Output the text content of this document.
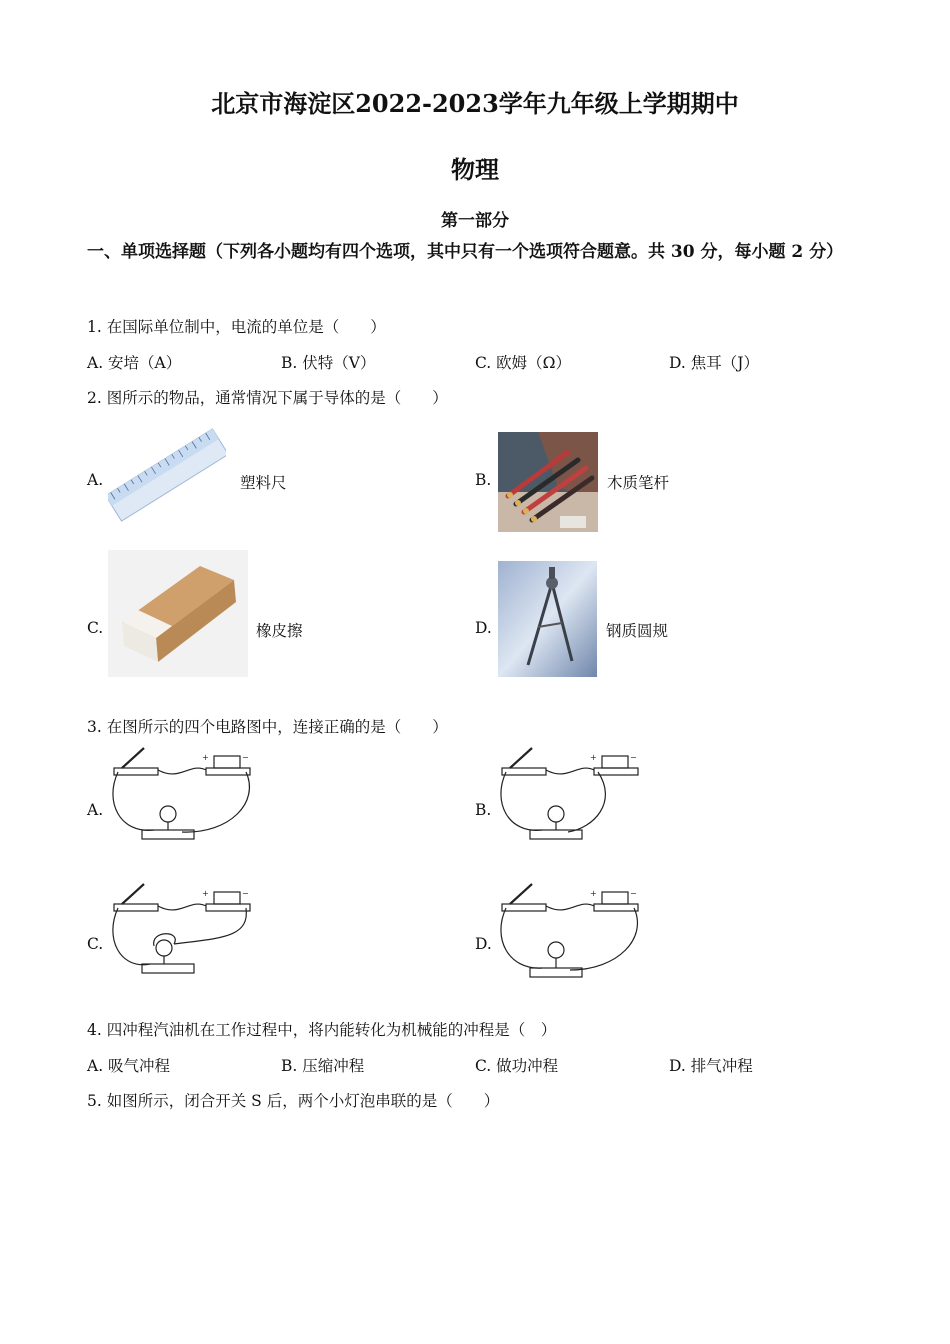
北京市海淀区2022-2023学年九年级上学期期中
物理
第一部分
一、单项选择题（下列各小题均有四个选项，其中只有一个选项符合题意。共 30 分，每小题 2 分）
1. 在国际单位制中，电流的单位是（　　）
A. 安培（A）	B. 伏特（V）	C. 欧姆（Ω）	D. 焦耳（J）
2. 图所示的物品，通常情况下属于导体的是（　　）
A.	塑料尺	B.	木质笔杆
C.	橡皮擦	D.	钢质圆规
3. 在图所示的四个电路图中，连接正确的是（　　）
A.
+	−
B.
+	−
C.
+	−
D.
+	−
4. 四冲程汽油机在工作过程中，将内能转化为机械能的冲程是（　）
A. 吸气冲程	B. 压缩冲程	C. 做功冲程	D. 排气冲程
5. 如图所示，闭合开关 S 后，两个小灯泡串联的是（　　）
